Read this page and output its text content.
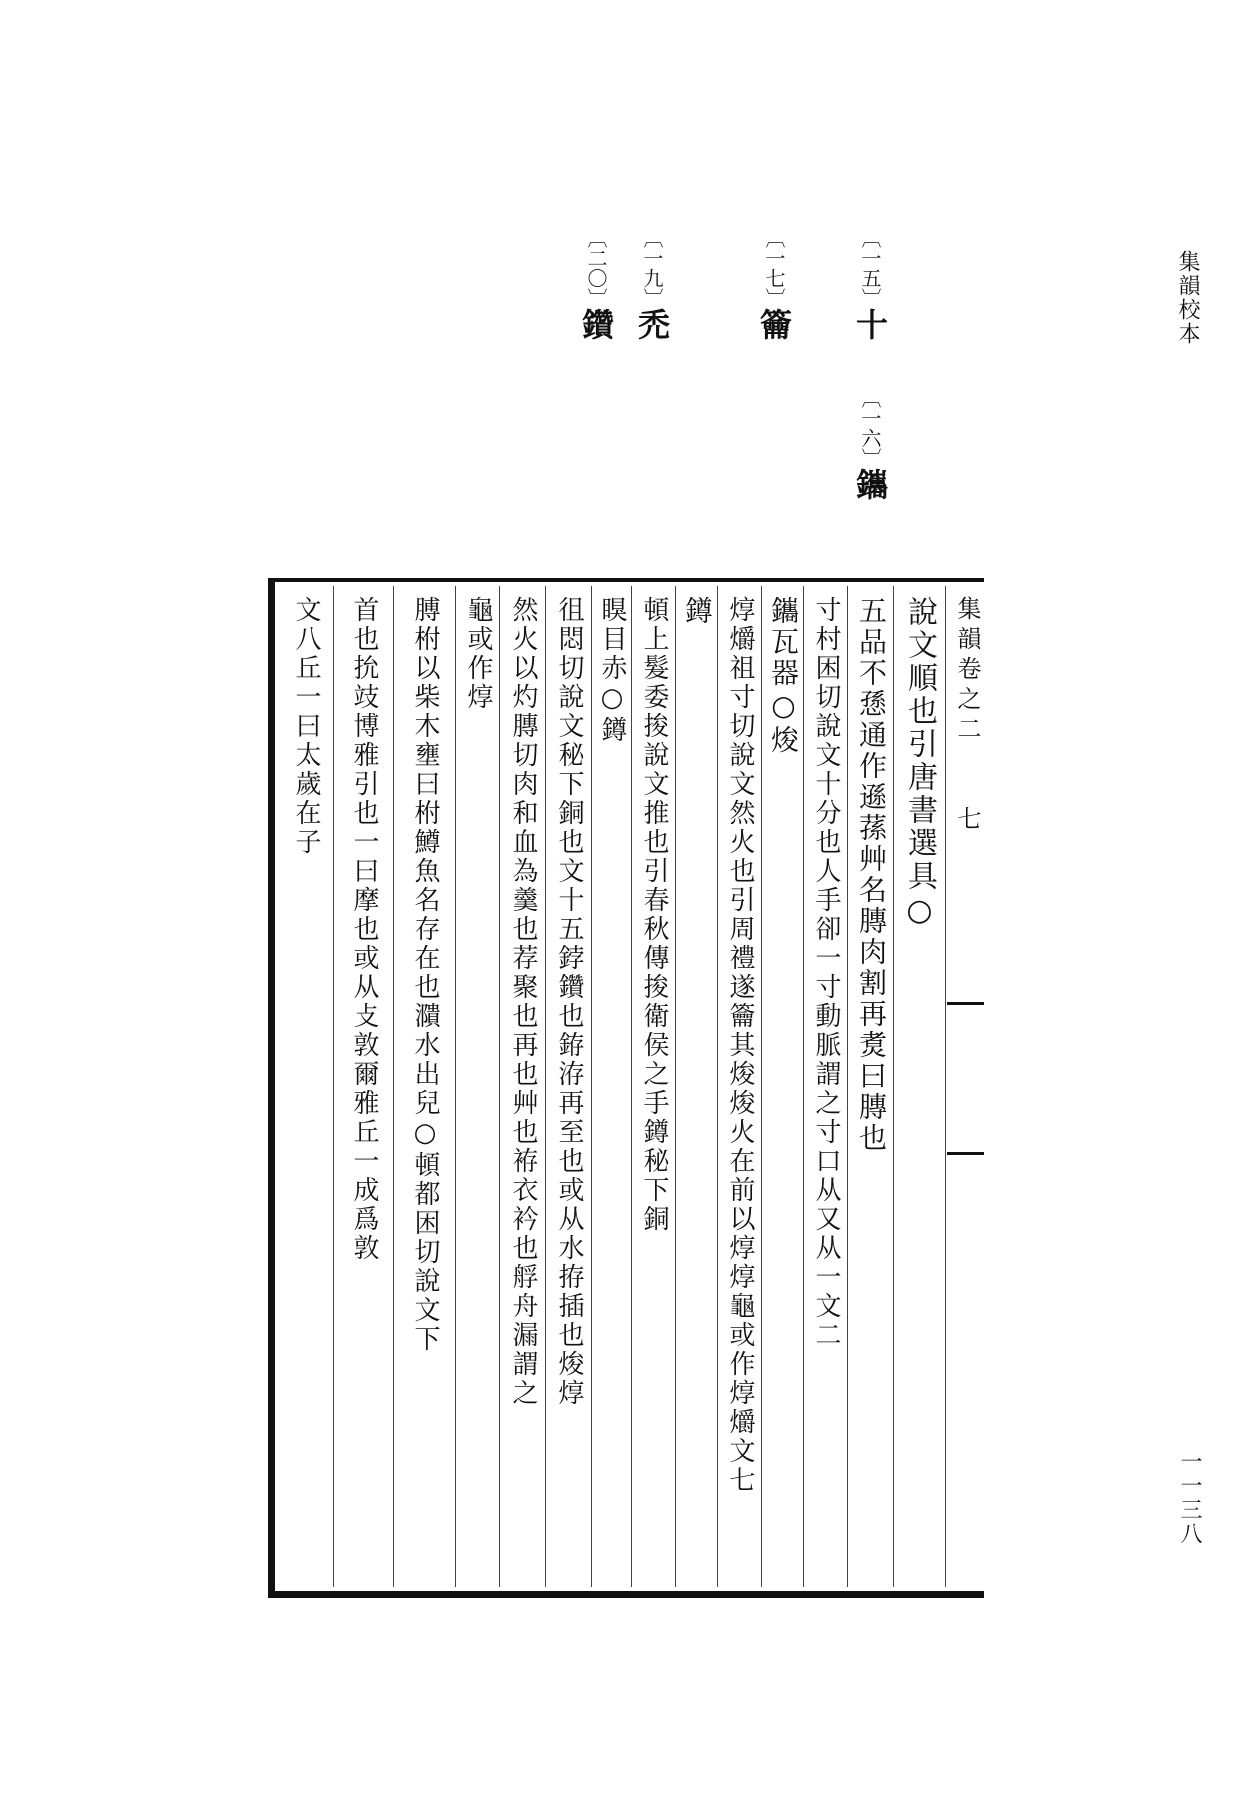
集韻校本
一一三八
〔一五〕十
〔一六〕鑴
〔一七〕籥
〔一九〕禿
〔二〇〕鑽
集韻卷之二　　七
說文順也引唐書選具○
五品不愻通作遜蓀艸名膞肉割再煑曰膞也
寸村困切說文十分也人手卻一寸動脈謂之寸口从又从一文二
鑴瓦器○焌
焞爝祖寸切說文然火也引周禮遂籥其焌焌火在前以焞焞龜或作焞爝文七
鐏
頓上髮委捘說文推也引春秋傳捘衛侯之手鐏秘下銅
瞁目赤○鐏
徂悶切說文秘下銅也文十五鋍鑽也銌洊再至也或从水拵插也焌焞
然火以灼膞切肉和血為羹也荐聚也再也艸也袸衣衿也艀舟漏謂之
龜或作焞
膊柎以柴木壅曰柎鱒魚名存在也濻水出兒○頓都困切說文下
首也抁攱博雅引也一曰摩也或从攴敦爾雅丘一成爲敦
文八丘一曰太歲在子
